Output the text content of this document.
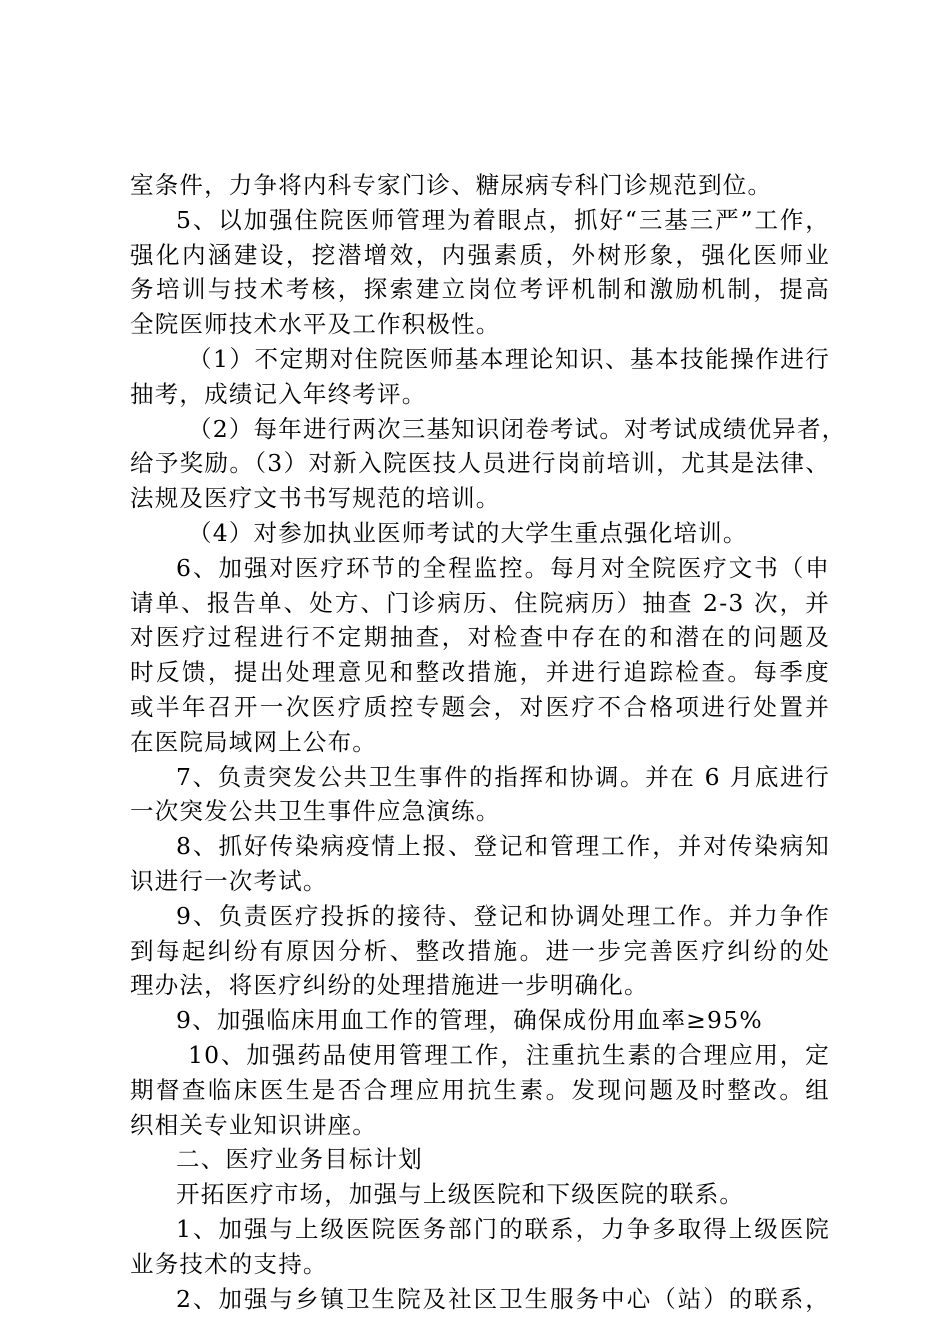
室条件，力争将内科专家门诊、糖尿病专科门诊规范到位。
5、以加强住院医师管理为着眼点，抓好“三基三严”工作，
强化内涵建设，挖潜增效，内强素质，外树形象，强化医师业
务培训与技术考核，探索建立岗位考评机制和激励机制，提高
全院医师技术水平及工作积极性。
（1）不定期对住院医师基本理论知识、基本技能操作进行
抽考，成绩记入年终考评。
（2）每年进行两次三基知识闭卷考试。对考试成绩优异者，
给予奖励。（3）对新入院医技人员进行岗前培训，尤其是法律、
法规及医疗文书书写规范的培训。
（4）对参加执业医师考试的大学生重点强化培训。
6、加强对医疗环节的全程监控。每月对全院医疗文书（申
请单、报告单、处方、门诊病历、住院病历）抽查 2-3 次，并
对医疗过程进行不定期抽查，对检查中存在的和潜在的问题及
时反馈，提出处理意见和整改措施，并进行追踪检查。每季度
或半年召开一次医疗质控专题会，对医疗不合格项进行处置并
在医院局域网上公布。
7、负责突发公共卫生事件的指挥和协调。并在 6 月底进行
一次突发公共卫生事件应急演练。
8、抓好传染病疫情上报、登记和管理工作，并对传染病知
识进行一次考试。
9、负责医疗投拆的接待、登记和协调处理工作。并力争作
到每起纠纷有原因分析、整改措施。进一步完善医疗纠纷的处
理办法，将医疗纠纷的处理措施进一步明确化。
9、加强临床用血工作的管理，确保成份用血率≥95%
10、加强药品使用管理工作，注重抗生素的合理应用，定
期督查临床医生是否合理应用抗生素。发现问题及时整改。组
织相关专业知识讲座。
二、医疗业务目标计划
开拓医疗市场，加强与上级医院和下级医院的联系。
1、加强与上级医院医务部门的联系，力争多取得上级医院
业务技术的支持。
2、加强与乡镇卫生院及社区卫生服务中心（站）的联系，
